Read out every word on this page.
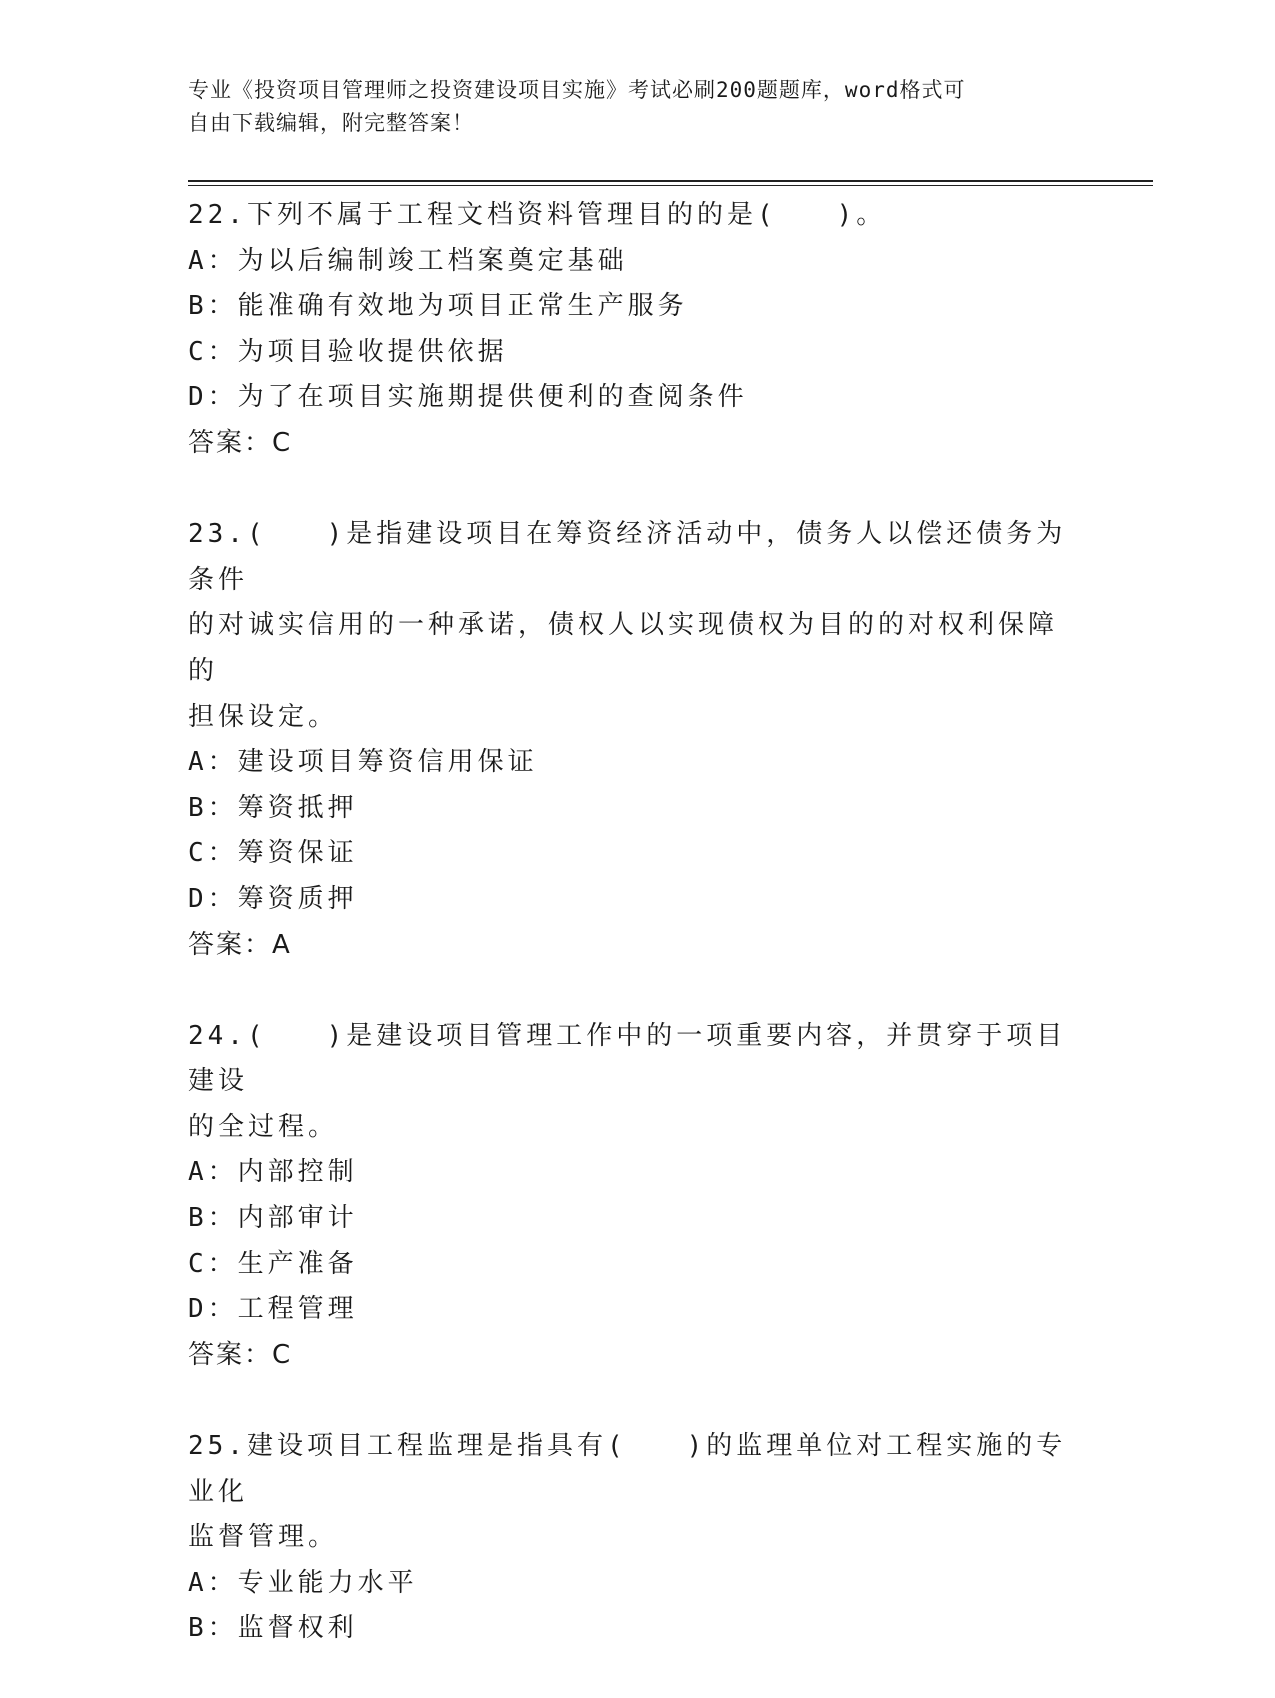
专业《投资项目管理师之投资建设项目实施》考试必刷200题题库，word格式可
自由下载编辑，附完整答案！

22.下列不属于工程文档资料管理目的的是(　　)。

A：为以后编制竣工档案奠定基础

B：能准确有效地为项目正常生产服务

C：为项目验收提供依据

D：为了在项目实施期提供便利的查阅条件

答案：C

23.(　　)是指建设项目在筹资经济活动中，债务人以偿还债务为条件

的对诚实信用的一种承诺，债权人以实现债权为目的的对权利保障的

担保设定。

A：建设项目筹资信用保证

B：筹资抵押

C：筹资保证

D：筹资质押

答案：A

24.(　　)是建设项目管理工作中的一项重要内容，并贯穿于项目建设

的全过程。

A：内部控制

B：内部审计

C：生产准备

D：工程管理

答案：C

25.建设项目工程监理是指具有(　　)的监理单位对工程实施的专业化

监督管理。

A：专业能力水平

B：监督权利
